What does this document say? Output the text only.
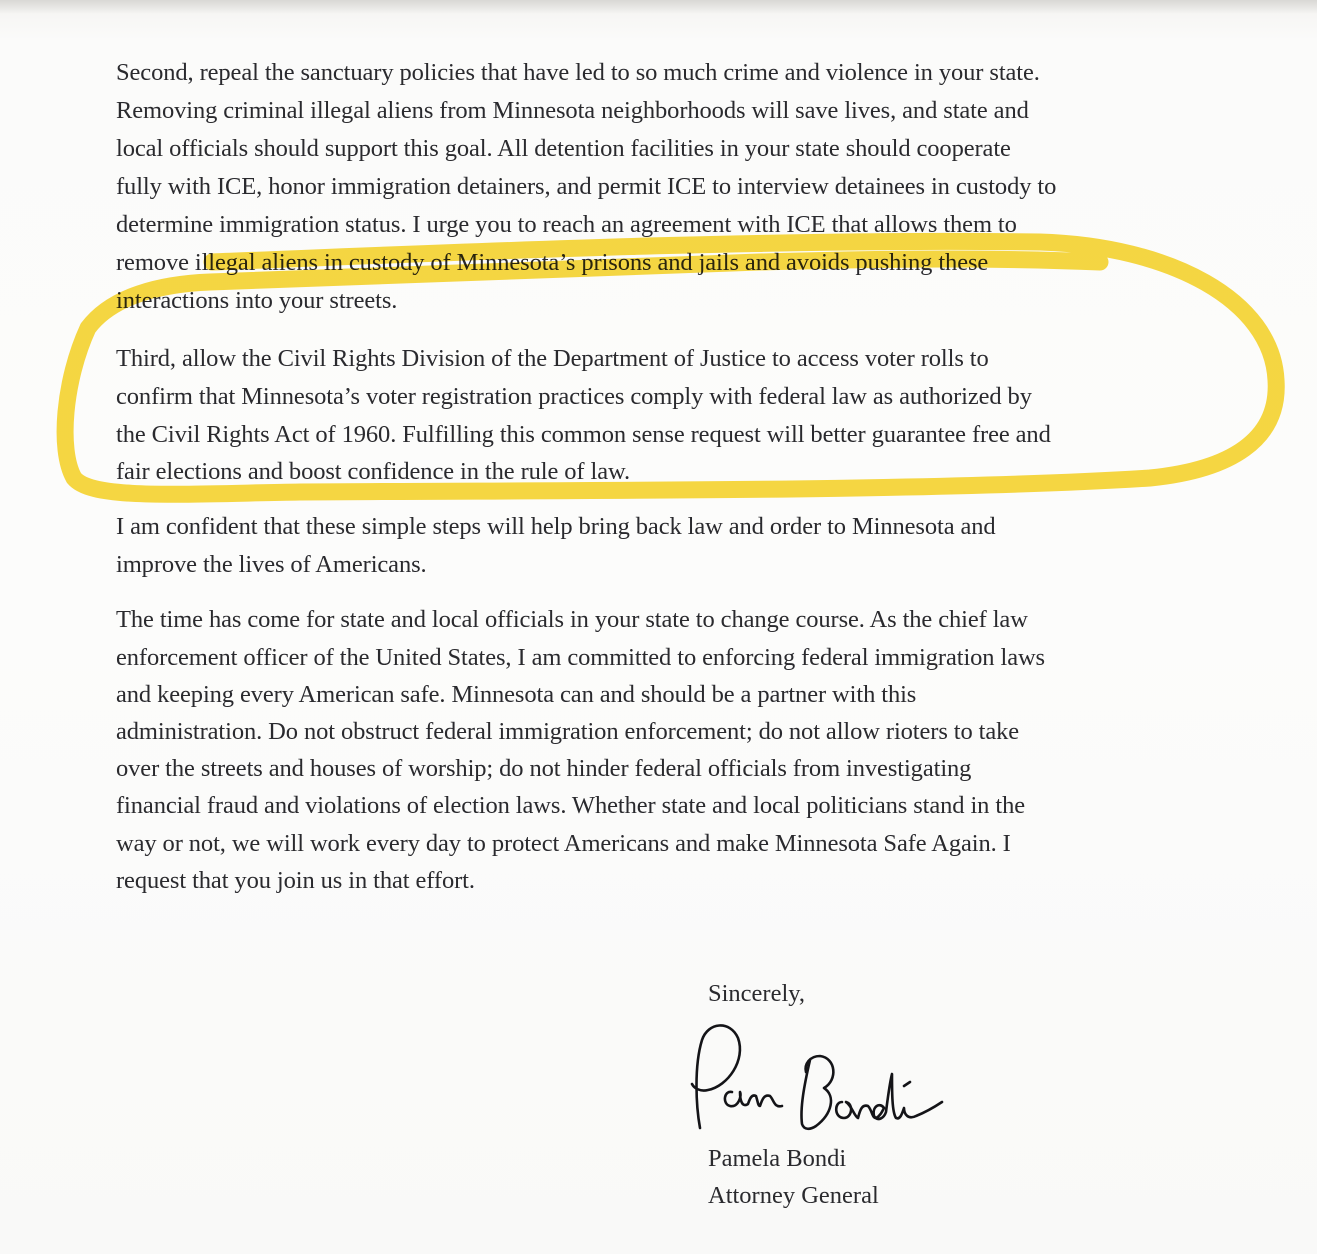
Second, repeal the sanctuary policies that have led to so much crime and violence in your state.
Removing criminal illegal aliens from Minnesota neighborhoods will save lives, and state and
local officials should support this goal. All detention facilities in your state should cooperate
fully with ICE, honor immigration detainers, and permit ICE to interview detainees in custody to
determine immigration status. I urge you to reach an agreement with ICE that allows them to
remove illegal aliens in custody of Minnesota’s prisons and jails and avoids pushing these
interactions into your streets.
Third, allow the Civil Rights Division of the Department of Justice to access voter rolls to
confirm that Minnesota’s voter registration practices comply with federal law as authorized by
the Civil Rights Act of 1960. Fulfilling this common sense request will better guarantee free and
fair elections and boost confidence in the rule of law.
I am confident that these simple steps will help bring back law and order to Minnesota and
improve the lives of Americans.
The time has come for state and local officials in your state to change course. As the chief law
enforcement officer of the United States, I am committed to enforcing federal immigration laws
and keeping every American safe. Minnesota can and should be a partner with this
administration. Do not obstruct federal immigration enforcement; do not allow rioters to take
over the streets and houses of worship; do not hinder federal officials from investigating
financial fraud and violations of election laws. Whether state and local politicians stand in the
way or not, we will work every day to protect Americans and make Minnesota Safe Again. I
request that you join us in that effort.
Sincerely,
Pamela Bondi
Attorney General
